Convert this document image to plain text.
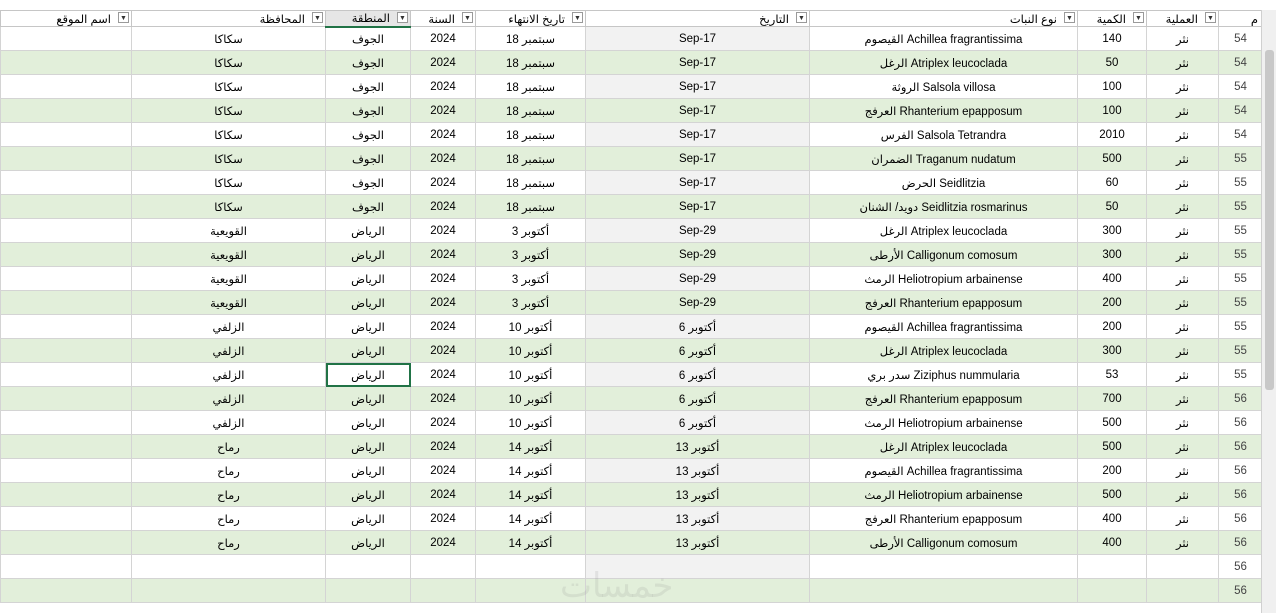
اسم الموقع ▼	المحافظة ▼	المنطقة ▼	السنة ▼	تاريخ الانتهاء ▼	التاريخ ▼	نوع النبات ▼	الكمية ▼	العملية ▼	م
	سكاكا	الجوف	2024	18 سبتمبر	Sep-17	Achillea fragrantissima القيصوم	140	نثر	54
	سكاكا	الجوف	2024	18 سبتمبر	Sep-17	Atriplex leucoclada الرغل	50	نثر	54
	سكاكا	الجوف	2024	18 سبتمبر	Sep-17	Salsola villosa الروثة	100	نثر	54
	سكاكا	الجوف	2024	18 سبتمبر	Sep-17	Rhanterium epapposum العرفج	100	نثر	54
	سكاكا	الجوف	2024	18 سبتمبر	Sep-17	Salsola Tetrandra الفرس	2010	نثر	54
	سكاكا	الجوف	2024	18 سبتمبر	Sep-17	Traganum nudatum الضمران	500	نثر	55
	سكاكا	الجوف	2024	18 سبتمبر	Sep-17	Seidlitzia الحرض	60	نثر	55
	سكاكا	الجوف	2024	18 سبتمبر	Sep-17	Seidlitzia rosmarinus دويد/ الشنان	50	نثر	55
	القويعية	الرياض	2024	3 أكتوبر	Sep-29	Atriplex leucoclada الرغل	300	نثر	55
	القويعية	الرياض	2024	3 أكتوبر	Sep-29	Calligonum comosum الأرطى	300	نثر	55
	القويعية	الرياض	2024	3 أكتوبر	Sep-29	Heliotropium arbainense الرمث	400	نثر	55
	القويعية	الرياض	2024	3 أكتوبر	Sep-29	Rhanterium epapposum العرفج	200	نثر	55
	الزلفي	الرياض	2024	10 أكتوبر	6 أكتوبر	Achillea fragrantissima القيصوم	200	نثر	55
	الزلفي	الرياض	2024	10 أكتوبر	6 أكتوبر	Atriplex leucoclada الرغل	300	نثر	55
	الزلفي	الرياض	2024	10 أكتوبر	6 أكتوبر	Ziziphus nummularia سدر بري	53	نثر	55
	الزلفي	الرياض	2024	10 أكتوبر	6 أكتوبر	Rhanterium epapposum العرفج	700	نثر	56
	الزلفي	الرياض	2024	10 أكتوبر	6 أكتوبر	Heliotropium arbainense الرمث	500	نثر	56
	رماح	الرياض	2024	14 أكتوبر	13 أكتوبر	Atriplex leucoclada الرغل	500	نثر	56
	رماح	الرياض	2024	14 أكتوبر	13 أكتوبر	Achillea fragrantissima القيصوم	200	نثر	56
	رماح	الرياض	2024	14 أكتوبر	13 أكتوبر	Heliotropium arbainense الرمث	500	نثر	56
	رماح	الرياض	2024	14 أكتوبر	13 أكتوبر	Rhanterium epapposum العرفج	400	نثر	56
	رماح	الرياض	2024	14 أكتوبر	13 أكتوبر	Calligonum comosum الأرطى	400	نثر	56
									56
									56
خمسات
